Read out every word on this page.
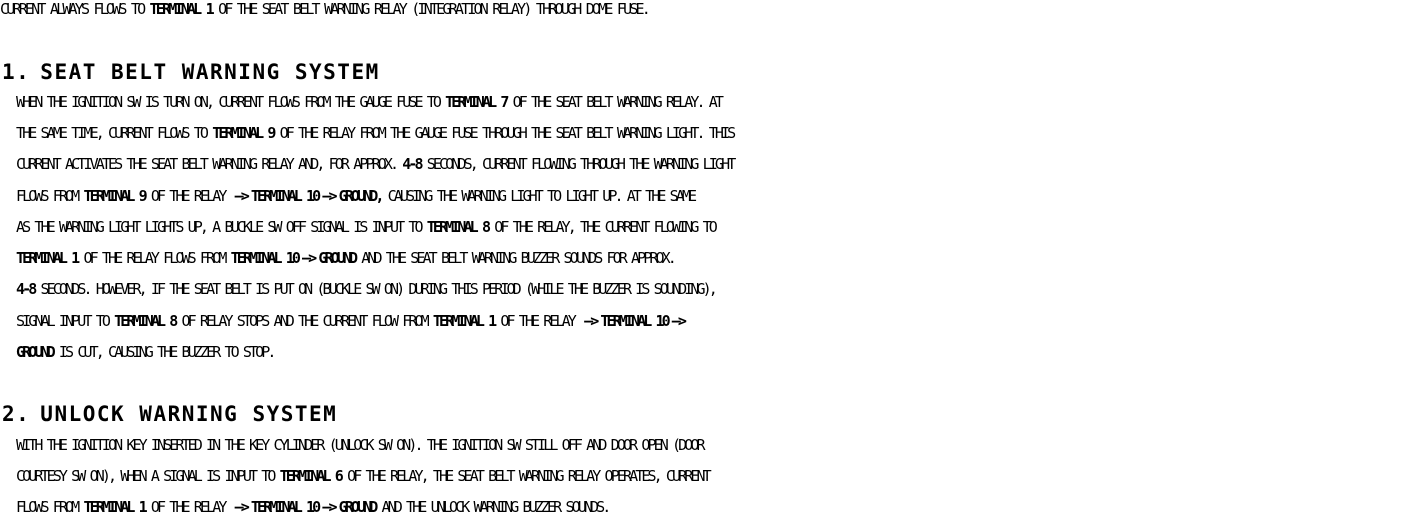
CURRENT ALWAYS FLOWS TO TERMINAL 1 OF THE SEAT BELT WARNING RELAY (INTEGRATION RELAY) THROUGH DOME FUSE.
1. SEAT BELT WARNING SYSTEM
WHEN THE IGNITION SW IS TURN ON, CURRENT FLOWS FROM THE GAUGE FUSE TO TERMINAL 7 OF THE SEAT BELT WARNING RELAY. AT
THE SAME TIME, CURRENT FLOWS TO TERMINAL 9 OF THE RELAY FROM THE GAUGE FUSE THROUGH THE SEAT BELT WARNING LIGHT. THIS
CURRENT ACTIVATES THE SEAT BELT WARNING RELAY AND, FOR APPROX. 4-8 SECONDS, CURRENT FLOWING THROUGH THE WARNING LIGHT
FLOWS FROM TERMINAL 9 OF THE RELAY —> TERMINAL 10 —> GROUND, CAUSING THE WARNING LIGHT TO LIGHT UP. AT THE SAME
AS THE WARNING LIGHT LIGHTS UP, A BUCKLE SW OFF SIGNAL IS INPUT TO TERMINAL 8 OF THE RELAY, THE CURRENT FLOWING TO
TERMINAL 1 OF THE RELAY FLOWS FROM TERMINAL 10 —> GROUND AND THE SEAT BELT WARNING BUZZER SOUNDS FOR APPROX.
4-8 SECONDS. HOWEVER, IF THE SEAT BELT IS PUT ON (BUCKLE SW ON) DURING THIS PERIOD (WHILE THE BUZZER IS SOUNDING),
SIGNAL INPUT TO TERMINAL 8 OF RELAY STOPS AND THE CURRENT FLOW FROM TERMINAL 1 OF THE RELAY —> TERMINAL 10 —>
GROUND IS CUT, CAUSING THE BUZZER TO STOP.
2. UNLOCK WARNING SYSTEM
WITH THE IGNITION KEY INSERTED IN THE KEY CYLINDER (UNLOCK SW ON). THE IGNITION SW STILL OFF AND DOOR OPEN (DOOR
COURTESY SW ON), WHEN A SIGNAL IS INPUT TO TERMINAL 6 OF THE RELAY, THE SEAT BELT WARNING RELAY OPERATES, CURRENT
FLOWS FROM TERMINAL 1 OF THE RELAY —> TERMINAL 10 —> GROUND AND THE UNLOCK WARNING BUZZER SOUNDS.
